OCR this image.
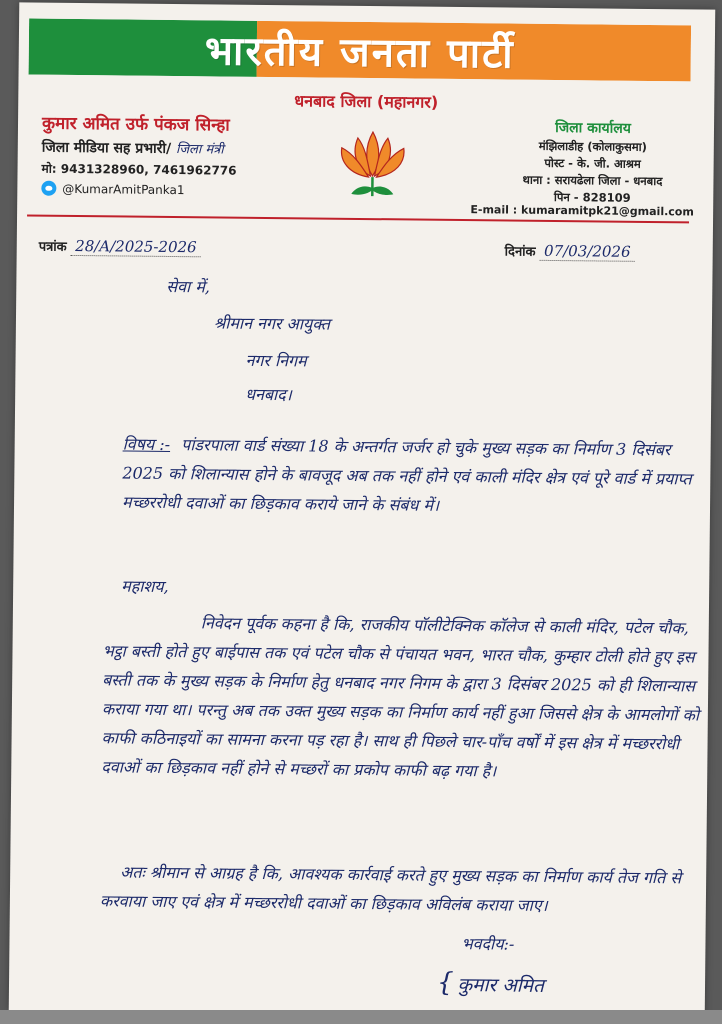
भारतीय जनता पार्टी
धनबाद जिला (महानगर)
कुमार अमित उर्फ पंकज सिन्हा
जिला मीडिया सह प्रभारी/ जिला मंत्री
मो: 9431328960, 7461962776
@KumarAmitPanka1
जिला कार्यालय
मंझिलाडीह (कोलाकुसमा)
पोस्ट - के. जी. आश्रम
थाना : सरायढेला जिला - धनबाद
पिन - 828109
E-mail : kumaramitpk21@gmail.com
पत्रांक 28/A/2025-2026	दिनांक 07/03/2026
सेवा में,
श्रीमान नगर आयुक्त
नगर निगम
धनबाद।
विषय :- पांडरपाला वार्ड संख्या 18 के अन्तर्गत जर्जर हो चुके मुख्य सड़क का निर्माण 3 दिसंबर 2025 को शिलान्यास होने के बावजूद अब तक नहीं होने एवं काली मंदिर क्षेत्र एवं पूरे वार्ड में प्रयाप्त मच्छररोधी दवाओं का छिड़काव कराये जाने के संबंध में।
महाशय,
निवेदन पूर्वक कहना है कि, राजकीय पॉलीटेक्निक कॉलेज से काली मंदिर, पटेल चौक, भट्ठा बस्ती होते हुए बाईपास तक एवं पटेल चौक से पंचायत भवन, भारत चौक, कुम्हार टोली होते हुए इस बस्ती तक के मुख्य सड़क के निर्माण हेतु धनबाद नगर निगम के द्वारा 3 दिसंबर 2025 को ही शिलान्यास कराया गया था। परन्तु अब तक उक्त मुख्य सड़क का निर्माण कार्य नहीं हुआ जिससे क्षेत्र के आमलोगों को काफी कठिनाइयों का सामना करना पड़ रहा है। साथ ही पिछले चार-पाँच वर्षों में इस क्षेत्र में मच्छररोधी दवाओं का छिड़काव नहीं होने से मच्छरों का प्रकोप काफी बढ़ गया है।
अतः श्रीमान से आग्रह है कि, आवश्यक कार्रवाई करते हुए मुख्य सड़क का निर्माण कार्य तेज गति से करवाया जाए एवं क्षेत्र में मच्छररोधी दवाओं का छिड़काव अविलंब कराया जाए।
भवदीय:-
{ कुमार अमित
